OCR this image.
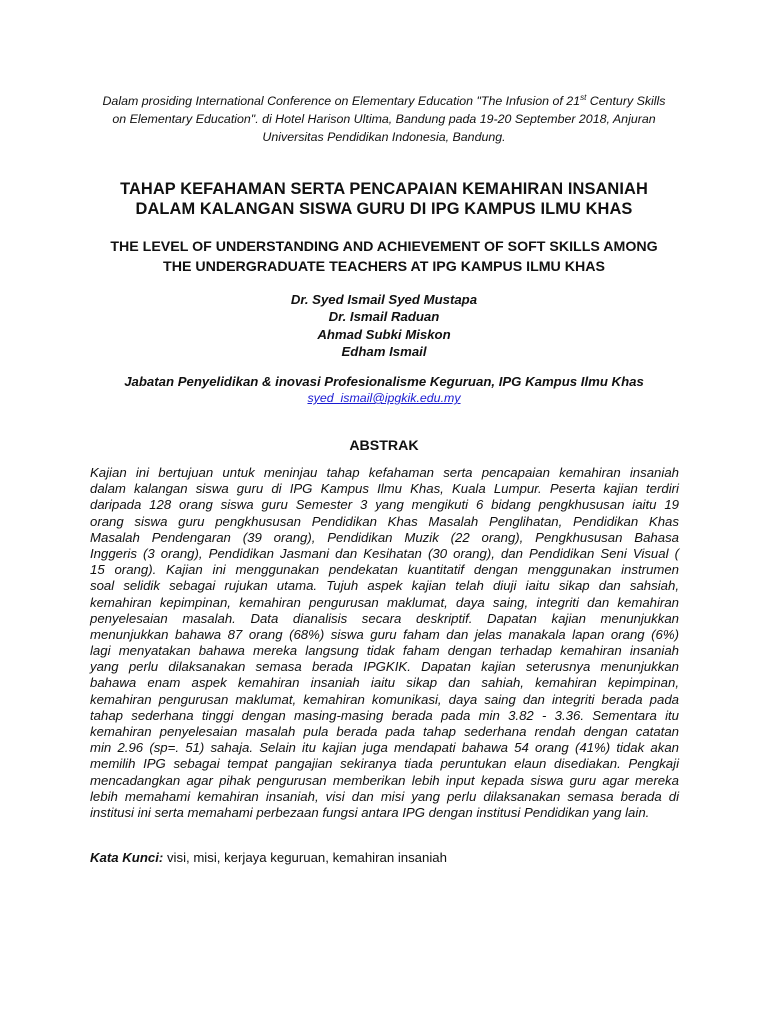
Dalam prosiding International Conference on Elementary Education "The Infusion of 21st Century Skills
on Elementary Education". di Hotel Harison Ultima, Bandung pada 19-20 September 2018, Anjuran
Universitas Pendidikan Indonesia, Bandung.
TAHAP KEFAHAMAN SERTA PENCAPAIAN KEMAHIRAN INSANIAH
DALAM KALANGAN SISWA GURU DI IPG KAMPUS ILMU KHAS
THE LEVEL OF UNDERSTANDING AND ACHIEVEMENT OF SOFT SKILLS AMONG
THE UNDERGRADUATE TEACHERS AT IPG KAMPUS ILMU KHAS
Dr. Syed Ismail Syed Mustapa
Dr. Ismail Raduan
Ahmad Subki Miskon
Edham Ismail
Jabatan Penyelidikan & inovasi Profesionalisme Keguruan, IPG Kampus Ilmu Khas
syed_ismail@ipgkik.edu.my
ABSTRAK
Kajian ini bertujuan untuk meninjau tahap kefahaman serta pencapaian kemahiran insaniah
dalam kalangan siswa guru di IPG Kampus Ilmu Khas, Kuala Lumpur. Peserta kajian terdiri
daripada 128 orang siswa guru Semester 3 yang mengikuti 6 bidang pengkhususan iaitu 19
orang siswa guru pengkhususan Pendidikan Khas Masalah Penglihatan, Pendidikan Khas
Masalah Pendengaran (39 orang), Pendidikan Muzik (22 orang), Pengkhususan Bahasa
Inggeris (3 orang), Pendidikan Jasmani dan Kesihatan (30 orang), dan Pendidikan Seni Visual (
15 orang). Kajian ini menggunakan pendekatan kuantitatif dengan menggunakan instrumen
soal selidik sebagai rujukan utama. Tujuh aspek kajian telah diuji iaitu sikap dan sahsiah,
kemahiran kepimpinan, kemahiran pengurusan maklumat, daya saing, integriti dan kemahiran
penyelesaian masalah. Data dianalisis secara deskriptif. Dapatan kajian menunjukkan
menunjukkan bahawa 87 orang (68%) siswa guru faham dan jelas manakala lapan orang (6%)
lagi menyatakan bahawa mereka langsung tidak faham dengan terhadap kemahiran insaniah
yang perlu dilaksanakan semasa berada IPGKIK. Dapatan kajian seterusnya menunjukkan
bahawa enam aspek kemahiran insaniah iaitu sikap dan sahiah, kemahiran kepimpinan,
kemahiran pengurusan maklumat, kemahiran komunikasi, daya saing dan integriti berada pada
tahap sederhana tinggi dengan masing-masing berada pada min 3.82 - 3.36. Sementara itu
kemahiran penyelesaian masalah pula berada pada tahap sederhana rendah dengan catatan
min 2.96 (sp=. 51) sahaja. Selain itu kajian juga mendapati bahawa 54 orang (41%) tidak akan
memilih IPG sebagai tempat pangajian sekiranya tiada peruntukan elaun disediakan. Pengkaji
mencadangkan agar pihak pengurusan memberikan lebih input kepada siswa guru agar mereka
lebih memahami kemahiran insaniah, visi dan misi yang perlu dilaksanakan semasa berada di
institusi ini serta memahami perbezaan fungsi antara IPG dengan institusi Pendidikan yang lain.
Kata Kunci: visi, misi, kerjaya keguruan, kemahiran insaniah
